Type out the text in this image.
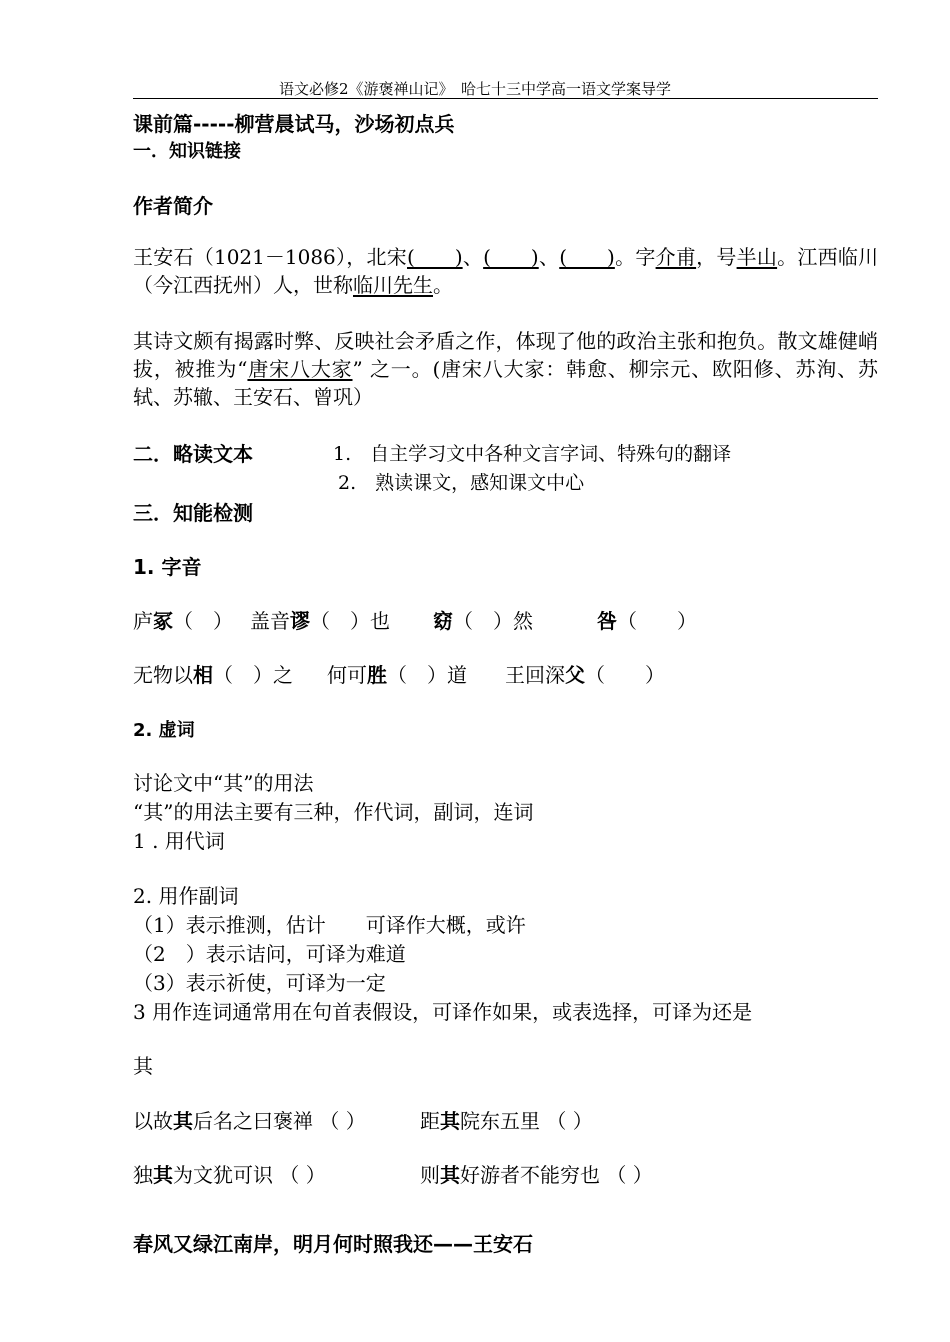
语文必修2《游褒禅山记》　哈七十三中学高一语文学案导学
课前篇-----柳营晨试马，沙场初点兵
一．知识链接
作者简介
王安石（1021－1086），北宋(　　)、(　　)、(　　)。字介甫，号半山。江西临川（今江西抚州）人，世称临川先生。
其诗文颇有揭露时弊、反映社会矛盾之作，体现了他的政治主张和抱负。散文雄健峭拔，被推为“唐宋八大家” 之一。(唐宋八大家：韩愈、柳宗元、欧阳修、苏洵、苏轼、苏辙、王安石、曾巩）
二．略读文本	1.　自主学习文中各种文言字词、特殊句的翻译
2.　熟读课文，感知课文中心
三．知能检测
1. 字音
庐冢（　） 盖音谬（　）也 窈（　）然	咎（　　）
无物以相（　）之 何可胜（　）道 王回深父（　　）
2. 虚词
讨论文中“其”的用法
“其”的用法主要有三种，作代词，副词，连词
1 . 用代词
2. 用作副词
（1）表示推测，估计　　可译作大概，或许
（2　）表示诘问，可译为难道
（3）表示祈使，可译为一定
3 用作连词通常用在句首表假设，可译作如果，或表选择，可译为还是
其
以故其后名之曰褒禅 （ ）	距其院东五里 （ ）
独其为文犹可识 （ ）	则其好游者不能穷也 （ ）
春风又绿江南岸，明月何时照我还——王安石
